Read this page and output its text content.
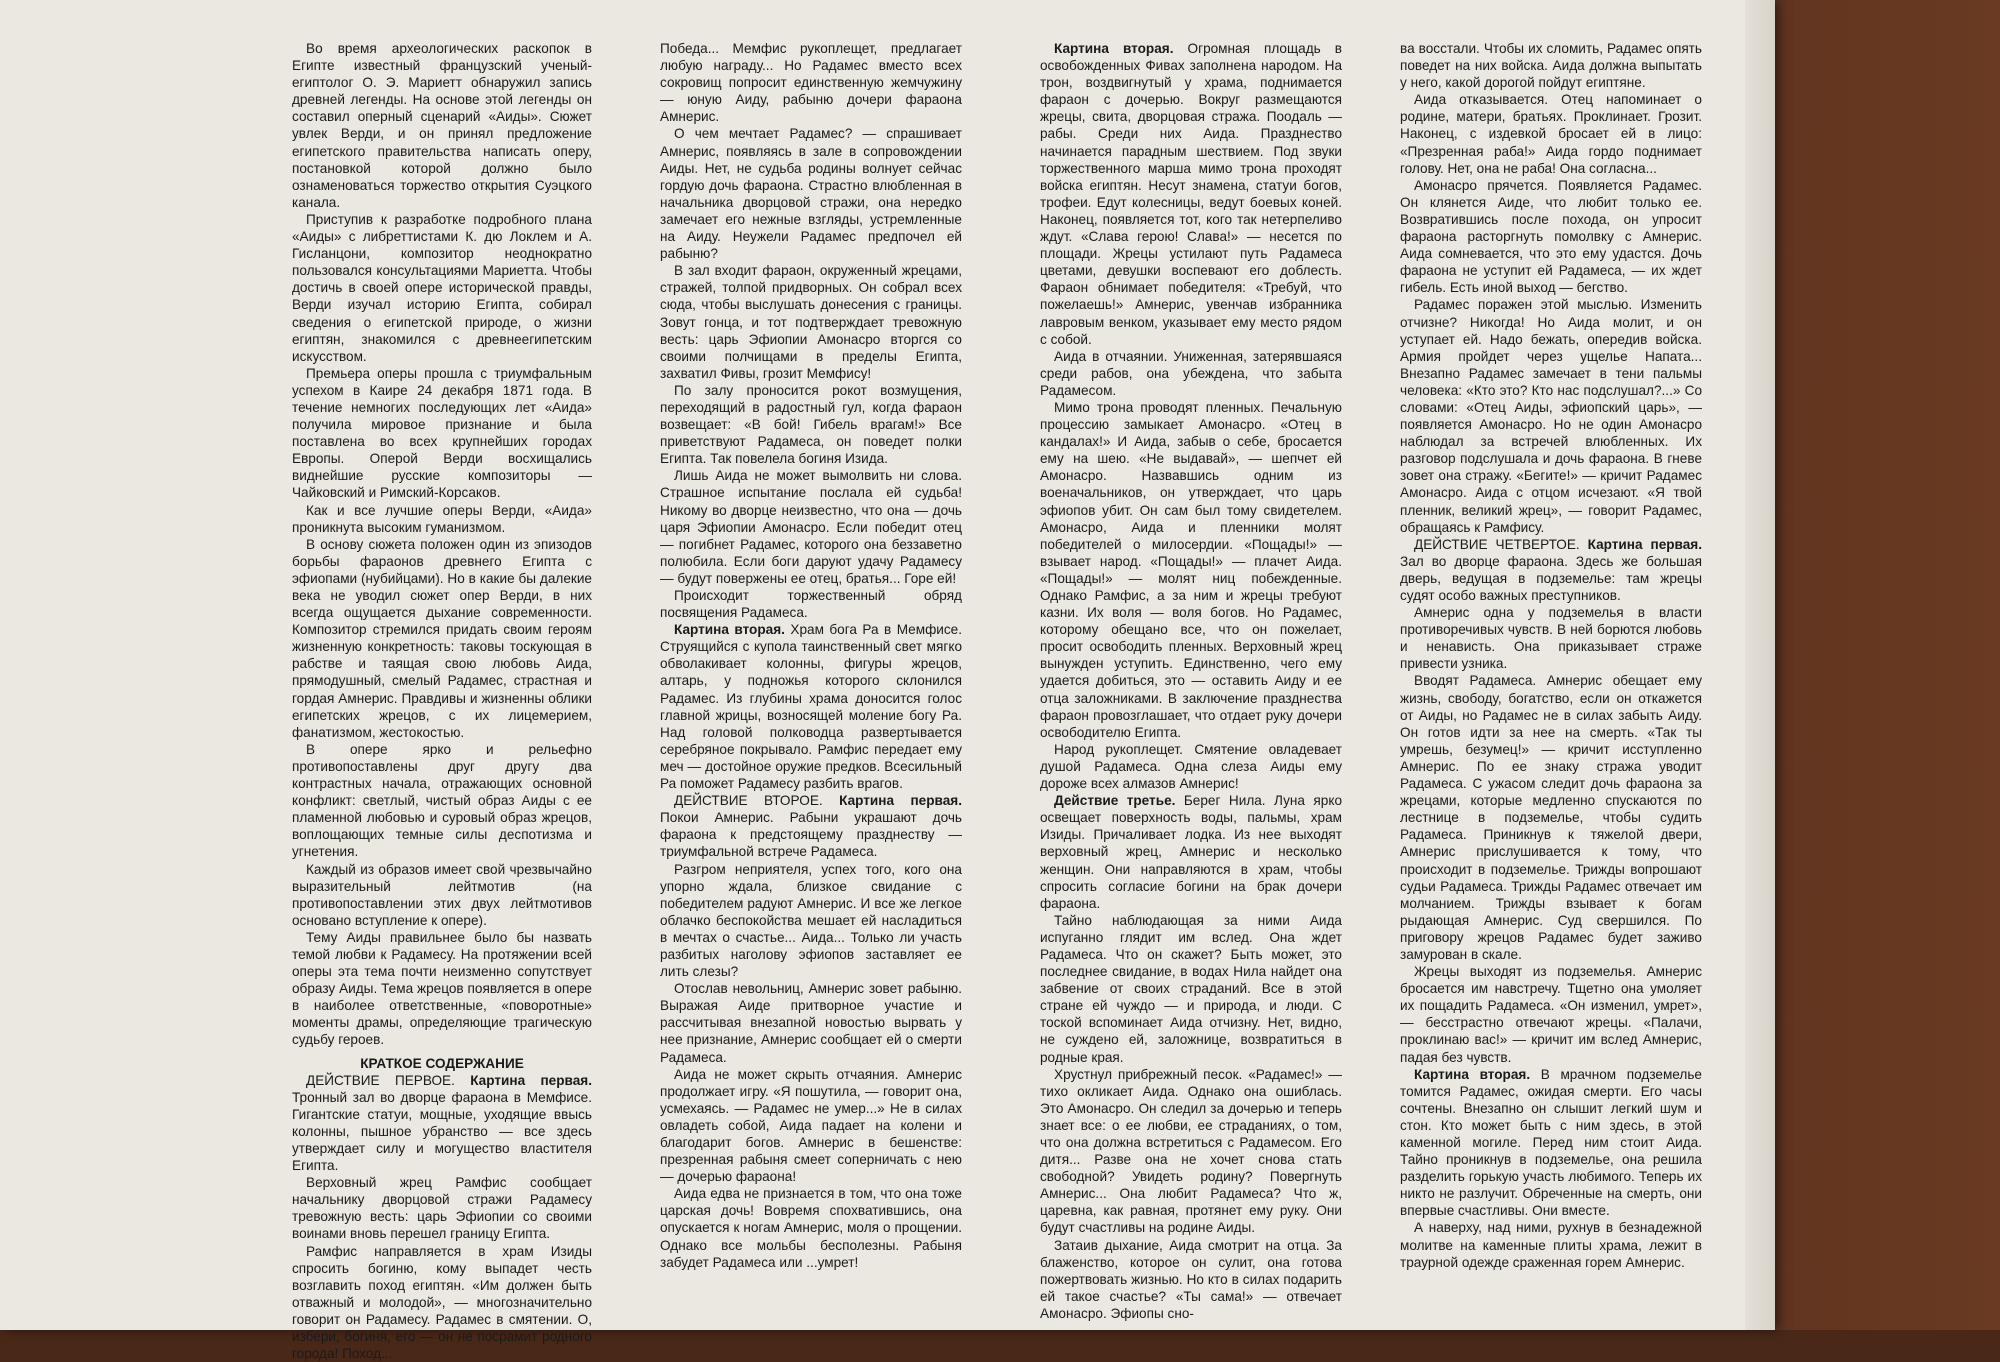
Во время археологических раскопок в Египте известный французский ученый-египтолог О. Э. Мариетт обнаружил запись древней легенды. На основе этой легенды он составил оперный сценарий «Аиды». Сюжет увлек Верди, и он принял предложение египетского правительства написать оперу, постановкой которой должно было ознаменоваться торжество открытия Суэцкого канала.

Приступив к разработке подробного плана «Аиды» с либреттистами К. дю Локлем и А. Гисланцони, композитор неоднократно пользовался консультациями Мариетта. Чтобы достичь в своей опере исторической правды, Верди изучал историю Египта, собирал сведения о египетской природе, о жизни египтян, знакомился с древнеегипетским искусством.

Премьера оперы прошла с триумфальным успехом в Каире 24 декабря 1871 года. В течение немногих последующих лет «Аида» получила мировое признание и была поставлена во всех крупнейших городах Европы. Оперой Верди восхищались виднейшие русские композиторы — Чайковский и Римский-Корсаков.

Как и все лучшие оперы Верди, «Аида» проникнута высоким гуманизмом.

В основу сюжета положен один из эпизодов борьбы фараонов древнего Египта с эфиопами (нубийцами). Но в какие бы далекие века не уводил сюжет опер Верди, в них всегда ощущается дыхание современности. Композитор стремился придать своим героям жизненную конкретность: таковы тоскующая в рабстве и таящая свою любовь Аида, прямодушный, смелый Радамес, страстная и гордая Амнерис. Правдивы и жизненны облики египетских жрецов, с их лицемерием, фанатизмом, жестокостью.

В опере ярко и рельефно противопоставлены друг другу два контрастных начала, отражающих основной конфликт: светлый, чистый образ Аиды с ее пламенной любовью и суровый образ жрецов, воплощающих темные силы деспотизма и угнетения.

Каждый из образов имеет свой чрезвычайно выразительный лейтмотив (на противопоставлении этих двух лейтмотивов основано вступление к опере).

Тему Аиды правильнее было бы назвать темой любви к Радамесу. На протяжении всей оперы эта тема почти неизменно сопутствует образу Аиды. Тема жрецов появляется в опере в наиболее ответственные, «поворотные» моменты драмы, определяющие трагическую судьбу героев.

КРАТКОЕ СОДЕРЖАНИЕ

ДЕЙСТВИЕ ПЕРВОЕ. Картина первая. Тронный зал во дворце фараона в Мемфисе. Гигантские статуи, мощные, уходящие ввысь колонны, пышное убранство — все здесь утверждает силу и могущество властителя Египта.

Верховный жрец Рамфис сообщает начальнику дворцовой стражи Радамесу тревожную весть: царь Эфиопии со своими воинами вновь перешел границу Египта.

Рамфис направляется в храм Изиды спросить богиню, кому выпадет честь возглавить поход египтян. «Им должен быть отважный и молодой», — многозначительно говорит он Радамесу. Радамес в смятении. О, избери, богиня, его — он не посрамит родного города! Поход...

Победа... Мемфис рукоплещет, предлагает любую награду... Но Радамес вместо всех сокровищ попросит единственную жемчужину — юную Аиду, рабыню дочери фараона Амнерис.

О чем мечтает Радамес? — спрашивает Амнерис, появляясь в зале в сопровождении Аиды. Нет, не судьба родины волнует сейчас гордую дочь фараона. Страстно влюбленная в начальника дворцовой стражи, она нередко замечает его нежные взгляды, устремленные на Аиду. Неужели Радамес предпочел ей рабыню?

В зал входит фараон, окруженный жрецами, стражей, толпой придворных. Он собрал всех сюда, чтобы выслушать донесения с границы. Зовут гонца, и тот подтверждает тревожную весть: царь Эфиопии Амонасро вторгся со своими полчищами в пределы Египта, захватил Фивы, грозит Мемфису!

По залу проносится рокот возмущения, переходящий в радостный гул, когда фараон возвещает: «В бой! Гибель врагам!» Все приветствуют Радамеса, он поведет полки Египта. Так повелела богиня Изида.

Лишь Аида не может вымолвить ни слова. Страшное испытание послала ей судьба! Никому во дворце неизвестно, что она — дочь царя Эфиопии Амонасро. Если победит отец — погибнет Радамес, которого она беззаветно полюбила. Если боги даруют удачу Радамесу — будут повержены ее отец, братья... Горе ей!

Происходит торжественный обряд посвящения Радамеса.

Картина вторая. Храм бога Ра в Мемфисе. Струящийся с купола таинственный свет мягко обволакивает колонны, фигуры жрецов, алтарь, у подножья которого склонился Радамес. Из глубины храма доносится голос главной жрицы, возносящей моление богу Ра. Над головой полководца развертывается серебряное покрывало. Рамфис передает ему меч — достойное оружие предков. Всесильный Ра поможет Радамесу разбить врагов.

ДЕЙСТВИЕ ВТОРОЕ. Картина первая. Покои Амнерис. Рабыни украшают дочь фараона к предстоящему празднеству — триумфальной встрече Радамеса.

Разгром неприятеля, успех того, кого она упорно ждала, близкое свидание с победителем радуют Амнерис. И все же легкое облачко беспокойства мешает ей насладиться в мечтах о счастье... Аида... Только ли участь разбитых наголову эфиопов заставляет ее лить слезы?

Отослав невольниц, Амнерис зовет рабыню. Выражая Аиде притворное участие и рассчитывая внезапной новостью вырвать у нее признание, Амнерис сообщает ей о смерти Радамеса.

Аида не может скрыть отчаяния. Амнерис продолжает игру. «Я пошутила, — говорит она, усмехаясь. — Радамес не умер...» Не в силах овладеть собой, Аида падает на колени и благодарит богов. Амнерис в бешенстве: презренная рабыня смеет соперничать с нею — дочерью фараона!

Аида едва не признается в том, что она тоже царская дочь! Вовремя спохватившись, она опускается к ногам Амнерис, моля о прощении. Однако все мольбы бесполезны. Рабыня забудет Радамеса или ...умрет!

Картина вторая. Огромная площадь в освобожденных Фивах заполнена народом. На трон, воздвигнутый у храма, поднимается фараон с дочерью. Вокруг размещаются жрецы, свита, дворцовая стража. Поодаль — рабы. Среди них Аида. Празднество начинается парадным шествием. Под звуки торжественного марша мимо трона проходят войска египтян. Несут знамена, статуи богов, трофеи. Едут колесницы, ведут боевых коней. Наконец, появляется тот, кого так нетерпеливо ждут. «Слава герою! Слава!» — несется по площади. Жрецы устилают путь Радамеса цветами, девушки воспевают его доблесть. Фараон обнимает победителя: «Требуй, что пожелаешь!» Амнерис, увенчав избранника лавровым венком, указывает ему место рядом с собой.

Аида в отчаянии. Униженная, затерявшаяся среди рабов, она убеждена, что забыта Радамесом.

Мимо трона проводят пленных. Печальную процессию замыкает Амонасро. «Отец в кандалах!» И Аида, забыв о себе, бросается ему на шею. «Не выдавай», — шепчет ей Амонасро. Назвавшись одним из военачальников, он утверждает, что царь эфиопов убит. Он сам был тому свидетелем. Амонасро, Аида и пленники молят победителей о милосердии. «Пощады!» — взывает народ. «Пощады!» — плачет Аида. «Пощады!» — молят ниц побежденные. Однако Рамфис, а за ним и жрецы требуют казни. Их воля — воля богов. Но Радамес, которому обещано все, что он пожелает, просит освободить пленных. Верховный жрец вынужден уступить. Единственно, чего ему удается добиться, это — оставить Аиду и ее отца заложниками. В заключение празднества фараон провозглашает, что отдает руку дочери освободителю Египта.

Народ рукоплещет. Смятение овладевает душой Радамеса. Одна слеза Аиды ему дороже всех алмазов Амнерис!

Действие третье. Берег Нила. Луна ярко освещает поверхность воды, пальмы, храм Изиды. Причаливает лодка. Из нее выходят верховный жрец, Амнерис и несколько женщин. Они направляются в храм, чтобы спросить согласие богини на брак дочери фараона.

Тайно наблюдающая за ними Аида испуганно глядит им вслед. Она ждет Радамеса. Что он скажет? Быть может, это последнее свидание, в водах Нила найдет она забвение от своих страданий. Все в этой стране ей чуждо — и природа, и люди. С тоской вспоминает Аида отчизну. Нет, видно, не суждено ей, заложнице, возвратиться в родные края.

Хрустнул прибрежный песок. «Радамес!» — тихо окликает Аида. Однако она ошиблась. Это Амонасро. Он следил за дочерью и теперь знает все: о ее любви, ее страданиях, о том, что она должна встретиться с Радамесом. Его дитя... Разве она не хочет снова стать свободной? Увидеть родину? Повергнуть Амнерис... Она любит Радамеса? Что ж, царевна, как равная, протянет ему руку. Они будут счастливы на родине Аиды.

Затаив дыхание, Аида смотрит на отца. За блаженство, которое он сулит, она готова пожертвовать жизнью. Но кто в силах подарить ей такое счастье? «Ты сама!» — отвечает Амонасро. Эфиопы сно-

ва восстали. Чтобы их сломить, Радамес опять поведет на них войска. Аида должна выпытать у него, какой дорогой пойдут египтяне.

Аида отказывается. Отец напоминает о родине, матери, братьях. Проклинает. Грозит. Наконец, с издевкой бросает ей в лицо: «Презренная раба!» Аида гордо поднимает голову. Нет, она не раба! Она согласна...

Амонасро прячется. Появляется Радамес. Он клянется Аиде, что любит только ее. Возвратившись после похода, он упросит фараона расторгнуть помолвку с Амнерис. Аида сомневается, что это ему удастся. Дочь фараона не уступит ей Радамеса, — их ждет гибель. Есть иной выход — бегство.

Радамес поражен этой мыслью. Изменить отчизне? Никогда! Но Аида молит, и он уступает ей. Надо бежать, опередив войска. Армия пройдет через ущелье Напата... Внезапно Радамес замечает в тени пальмы человека: «Кто это? Кто нас подслушал?...» Со словами: «Отец Аиды, эфиопский царь», — появляется Амонасро. Но не один Амонасро наблюдал за встречей влюбленных. Их разговор подслушала и дочь фараона. В гневе зовет она стражу. «Бегите!» — кричит Радамес Амонасро. Аида с отцом исчезают. «Я твой пленник, великий жрец», — говорит Радамес, обращаясь к Рамфису.

ДЕЙСТВИЕ ЧЕТВЕРТОЕ. Картина первая. Зал во дворце фараона. Здесь же большая дверь, ведущая в подземелье: там жрецы судят особо важных преступников.

Амнерис одна у подземелья в власти противоречивых чувств. В ней борются любовь и ненависть. Она приказывает страже привести узника.

Вводят Радамеса. Амнерис обещает ему жизнь, свободу, богатство, если он откажется от Аиды, но Радамес не в силах забыть Аиду. Он готов идти за нее на смерть. «Так ты умрешь, безумец!» — кричит исступленно Амнерис. По ее знаку стража уводит Радамеса. С ужасом следит дочь фараона за жрецами, которые медленно спускаются по лестнице в подземелье, чтобы судить Радамеса. Приникнув к тяжелой двери, Амнерис прислушивается к тому, что происходит в подземелье. Трижды вопрошают судьи Радамеса. Трижды Радамес отвечает им молчанием. Трижды взывает к богам рыдающая Амнерис. Суд свершился. По приговору жрецов Радамес будет заживо замурован в скале.

Жрецы выходят из подземелья. Амнерис бросается им навстречу. Тщетно она умоляет их пощадить Радамеса. «Он изменил, умрет», — бесстрастно отвечают жрецы. «Палачи, проклинаю вас!» — кричит им вслед Амнерис, падая без чувств.

Картина вторая. В мрачном подземелье томится Радамес, ожидая смерти. Его часы сочтены. Внезапно он слышит легкий шум и стон. Кто может быть с ним здесь, в этой каменной могиле. Перед ним стоит Аида. Тайно проникнув в подземелье, она решила разделить горькую участь любимого. Теперь их никто не разлучит. Обреченные на смерть, они впервые счастливы. Они вместе.

А наверху, над ними, рухнув в безнадежной молитве на каменные плиты храма, лежит в траурной одежде сраженная горем Амнерис.
